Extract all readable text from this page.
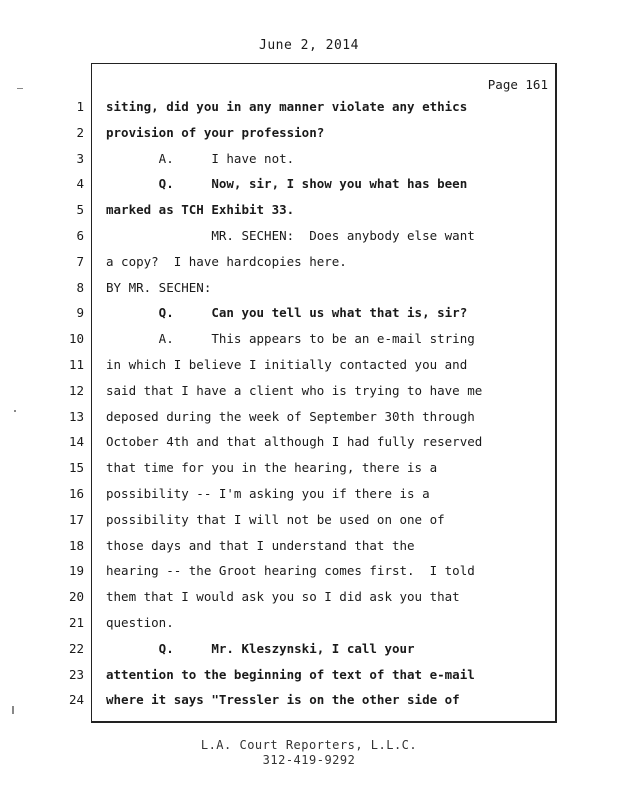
June 2, 2014
Page 161
1 siting, did you in any manner violate any ethics
2 provision of your profession?
3 A.     I have not.
4 Q.     Now, sir, I show you what has been
5 marked as TCH Exhibit 33.
6 MR. SECHEN:  Does anybody else want
7 a copy?  I have hardcopies here.
8 BY MR. SECHEN:
9 Q.     Can you tell us what that is, sir?
10 A.     This appears to be an e-mail string
11 in which I believe I initially contacted you and
12 said that I have a client who is trying to have me
13 deposed during the week of September 30th through
14 October 4th and that although I had fully reserved
15 that time for you in the hearing, there is a
16 possibility -- I'm asking you if there is a
17 possibility that I will not be used on one of
18 those days and that I understand that the
19 hearing -- the Groot hearing comes first.  I told
20 them that I would ask you so I did ask you that
21 question.
22 Q.     Mr. Kleszynski, I call your
23 attention to the beginning of text of that e-mail
24 where it says "Tressler is on the other side of
L.A. Court Reporters, L.L.C.
312-419-9292
